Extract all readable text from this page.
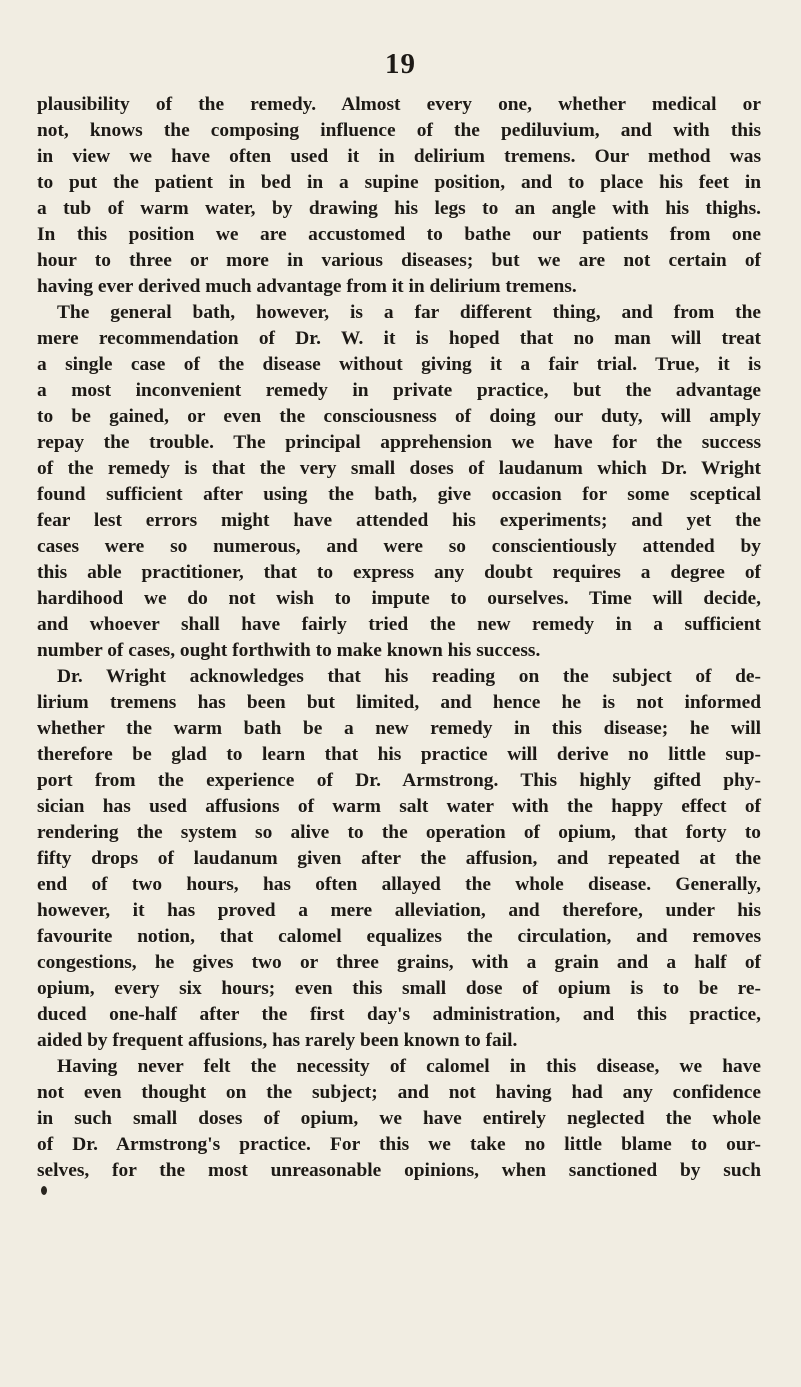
19
plausibility of the remedy. Almost every one, whether medical or
not, knows the composing influence of the pediluvium, and with this
in view we have often used it in delirium tremens. Our method was
to put the patient in bed in a supine position, and to place his feet in
a tub of warm water, by drawing his legs to an angle with his thighs.
In this position we are accustomed to bathe our patients from one
hour to three or more in various diseases; but we are not certain of
having ever derived much advantage from it in delirium tremens.
The general bath, however, is a far different thing, and from the
mere recommendation of Dr. W. it is hoped that no man will treat
a single case of the disease without giving it a fair trial. True, it is
a most inconvenient remedy in private practice, but the advantage
to be gained, or even the consciousness of doing our duty, will amply
repay the trouble. The principal apprehension we have for the success
of the remedy is that the very small doses of laudanum which Dr. Wright
found sufficient after using the bath, give occasion for some sceptical
fear lest errors might have attended his experiments; and yet the
cases were so numerous, and were so conscientiously attended by
this able practitioner, that to express any doubt requires a degree of
hardihood we do not wish to impute to ourselves. Time will decide,
and whoever shall have fairly tried the new remedy in a sufficient
number of cases, ought forthwith to make known his success.
Dr. Wright acknowledges that his reading on the subject of de-
lirium tremens has been but limited, and hence he is not informed
whether the warm bath be a new remedy in this disease; he will
therefore be glad to learn that his practice will derive no little sup-
port from the experience of Dr. Armstrong. This highly gifted phy-
sician has used affusions of warm salt water with the happy effect of
rendering the system so alive to the operation of opium, that forty to
fifty drops of laudanum given after the affusion, and repeated at the
end of two hours, has often allayed the whole disease. Generally,
however, it has proved a mere alleviation, and therefore, under his
favourite notion, that calomel equalizes the circulation, and removes
congestions, he gives two or three grains, with a grain and a half of
opium, every six hours; even this small dose of opium is to be re-
duced one-half after the first day's administration, and this practice,
aided by frequent affusions, has rarely been known to fail.
Having never felt the necessity of calomel in this disease, we have
not even thought on the subject; and not having had any confidence
in such small doses of opium, we have entirely neglected the whole
of Dr. Armstrong's practice. For this we take no little blame to our-
selves, for the most unreasonable opinions, when sanctioned by such
